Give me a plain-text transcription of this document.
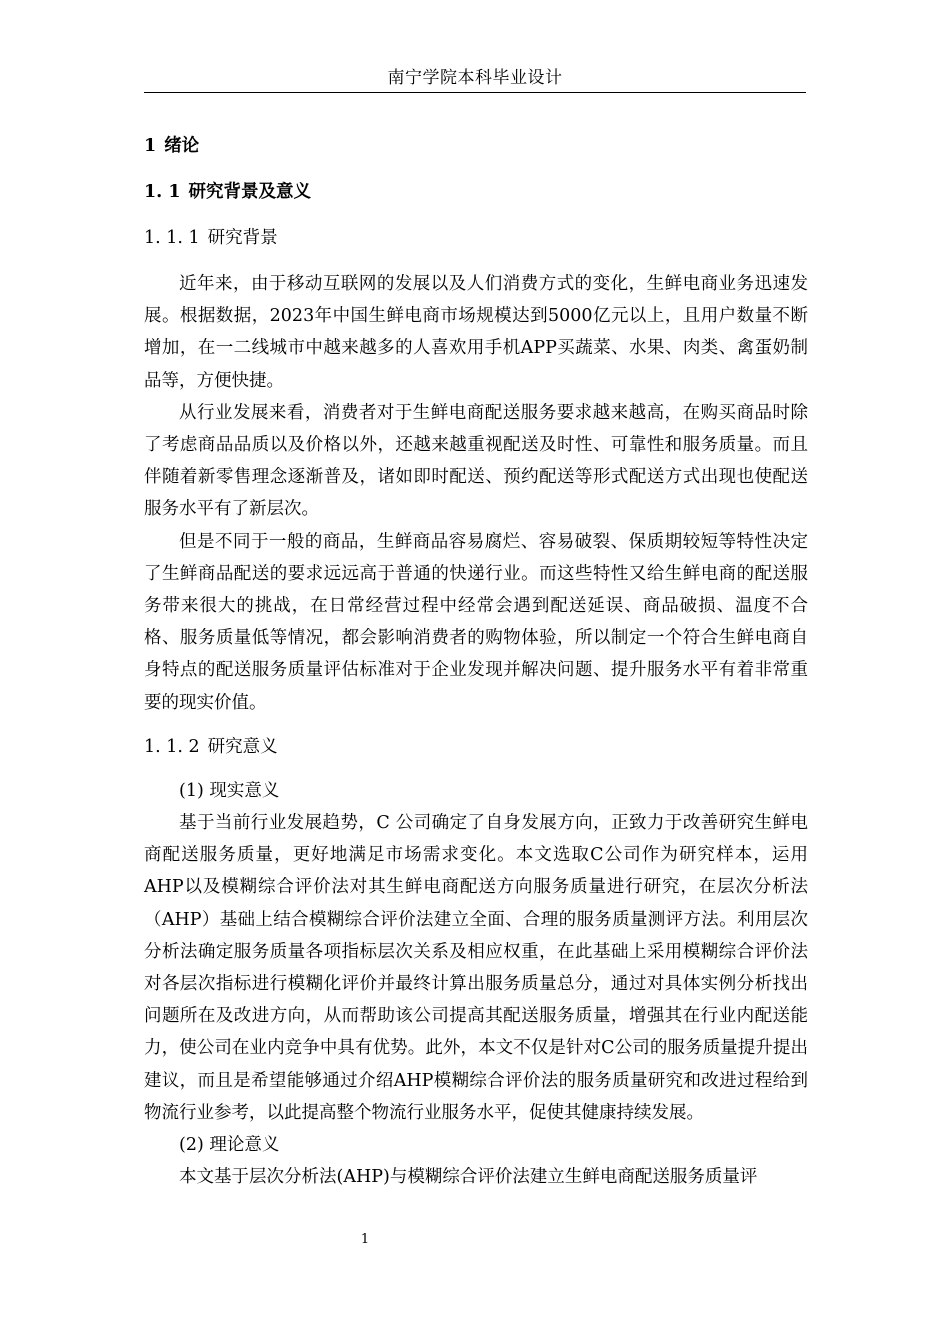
南宁学院本科毕业设计
1 绪论
1. 1 研究背景及意义
1. 1. 1 研究背景

近年来，由于移动互联网的发展以及人们消费方式的变化，生鲜电商业务迅速发展。根据数据，2023年中国生鲜电商市场规模达到5000亿元以上，且用户数量不断增加，在一二线城市中越来越多的人喜欢用手机APP买蔬菜、水果、肉类、禽蛋奶制品等，方便快捷。

从行业发展来看，消费者对于生鲜电商配送服务要求越来越高，在购买商品时除了考虑商品品质以及价格以外，还越来越重视配送及时性、可靠性和服务质量。而且伴随着新零售理念逐渐普及，诸如即时配送、预约配送等形式配送方式出现也使配送服务水平有了新层次。

但是不同于一般的商品，生鲜商品容易腐烂、容易破裂、保质期较短等特性决定了生鲜商品配送的要求远远高于普通的快递行业。而这些特性又给生鲜电商的配送服务带来很大的挑战，在日常经营过程中经常会遇到配送延误、商品破损、温度不合格、服务质量低等情况，都会影响消费者的购物体验，所以制定一个符合生鲜电商自身特点的配送服务质量评估标准对于企业发现并解决问题、提升服务水平有着非常重要的现实价值。

1. 1. 2 研究意义

(1) 现实意义

基于当前行业发展趋势，C 公司确定了自身发展方向，正致力于改善研究生鲜电商配送服务质量，更好地满足市场需求变化。本文选取C公司作为研究样本，运用AHP以及模糊综合评价法对其生鲜电商配送方向服务质量进行研究，在层次分析法（AHP）基础上结合模糊综合评价法建立全面、合理的服务质量测评方法。利用层次分析法确定服务质量各项指标层次关系及相应权重，在此基础上采用模糊综合评价法对各层次指标进行模糊化评价并最终计算出服务质量总分，通过对具体实例分析找出问题所在及改进方向，从而帮助该公司提高其配送服务质量，增强其在行业内配送能力，使公司在业内竞争中具有优势。此外，本文不仅是针对C公司的服务质量提升提出建议，而且是希望能够通过介绍AHP模糊综合评价法的服务质量研究和改进过程给到物流行业参考，以此提高整个物流行业服务水平，促使其健康持续发展。

(2) 理论意义

本文基于层次分析法(AHP)与模糊综合评价法建立生鲜电商配送服务质量评

1
